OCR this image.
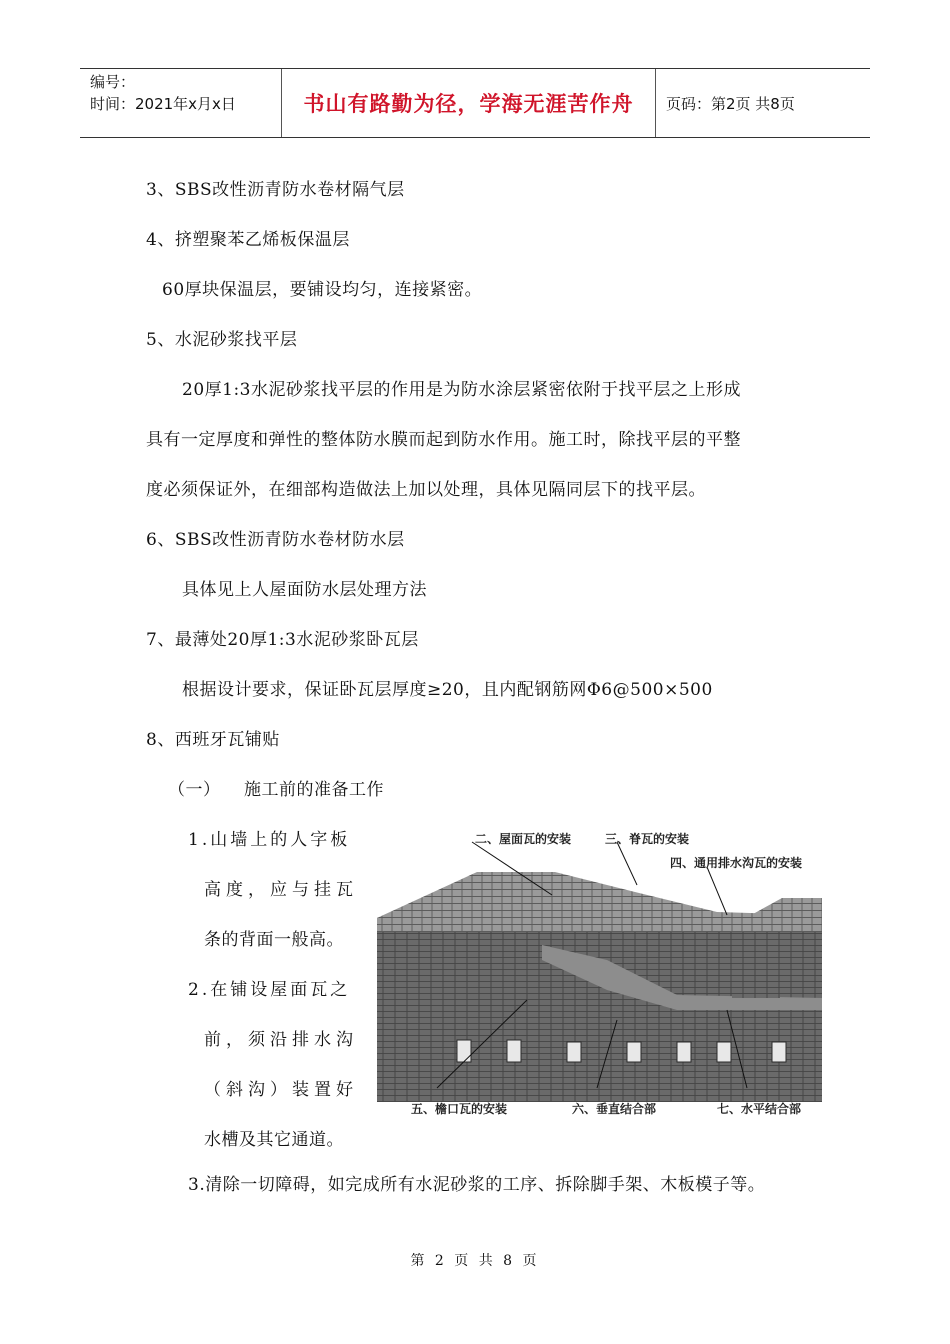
编号：
时间：2021年x月x日	书山有路勤为径，学海无涯苦作舟	页码：第2页 共8页
3、SBS改性沥青防水卷材隔气层
4、挤塑聚苯乙烯板保温层
60厚块保温层，要铺设均匀，连接紧密。
5、水泥砂浆找平层
20厚1:3水泥砂浆找平层的作用是为防水涂层紧密依附于找平层之上形成
具有一定厚度和弹性的整体防水膜而起到防水作用。施工时，除找平层的平整
度必须保证外，在细部构造做法上加以处理，具体见隔同层下的找平层。
6、SBS改性沥青防水卷材防水层
具体见上人屋面防水层处理方法
7、最薄处20厚1:3水泥砂浆卧瓦层
根据设计要求，保证卧瓦层厚度≥20，且内配钢筋网Φ6@500×500
8、西班牙瓦铺贴
（一） 施工前的准备工作
1.山墙上的人字板
高度，应与挂瓦
条的背面一般高。
2.在铺设屋面瓦之
前，须沿排水沟
（斜沟）装置好
水槽及其它通道。
二、屋面瓦的安装	三、脊瓦的安装
四、通用排水沟瓦的安装
五、檐口瓦的安装	六、垂直结合部	七、水平结合部
3.清除一切障碍，如完成所有水泥砂浆的工序、拆除脚手架、木板模子等。
第 2 页 共 8 页
